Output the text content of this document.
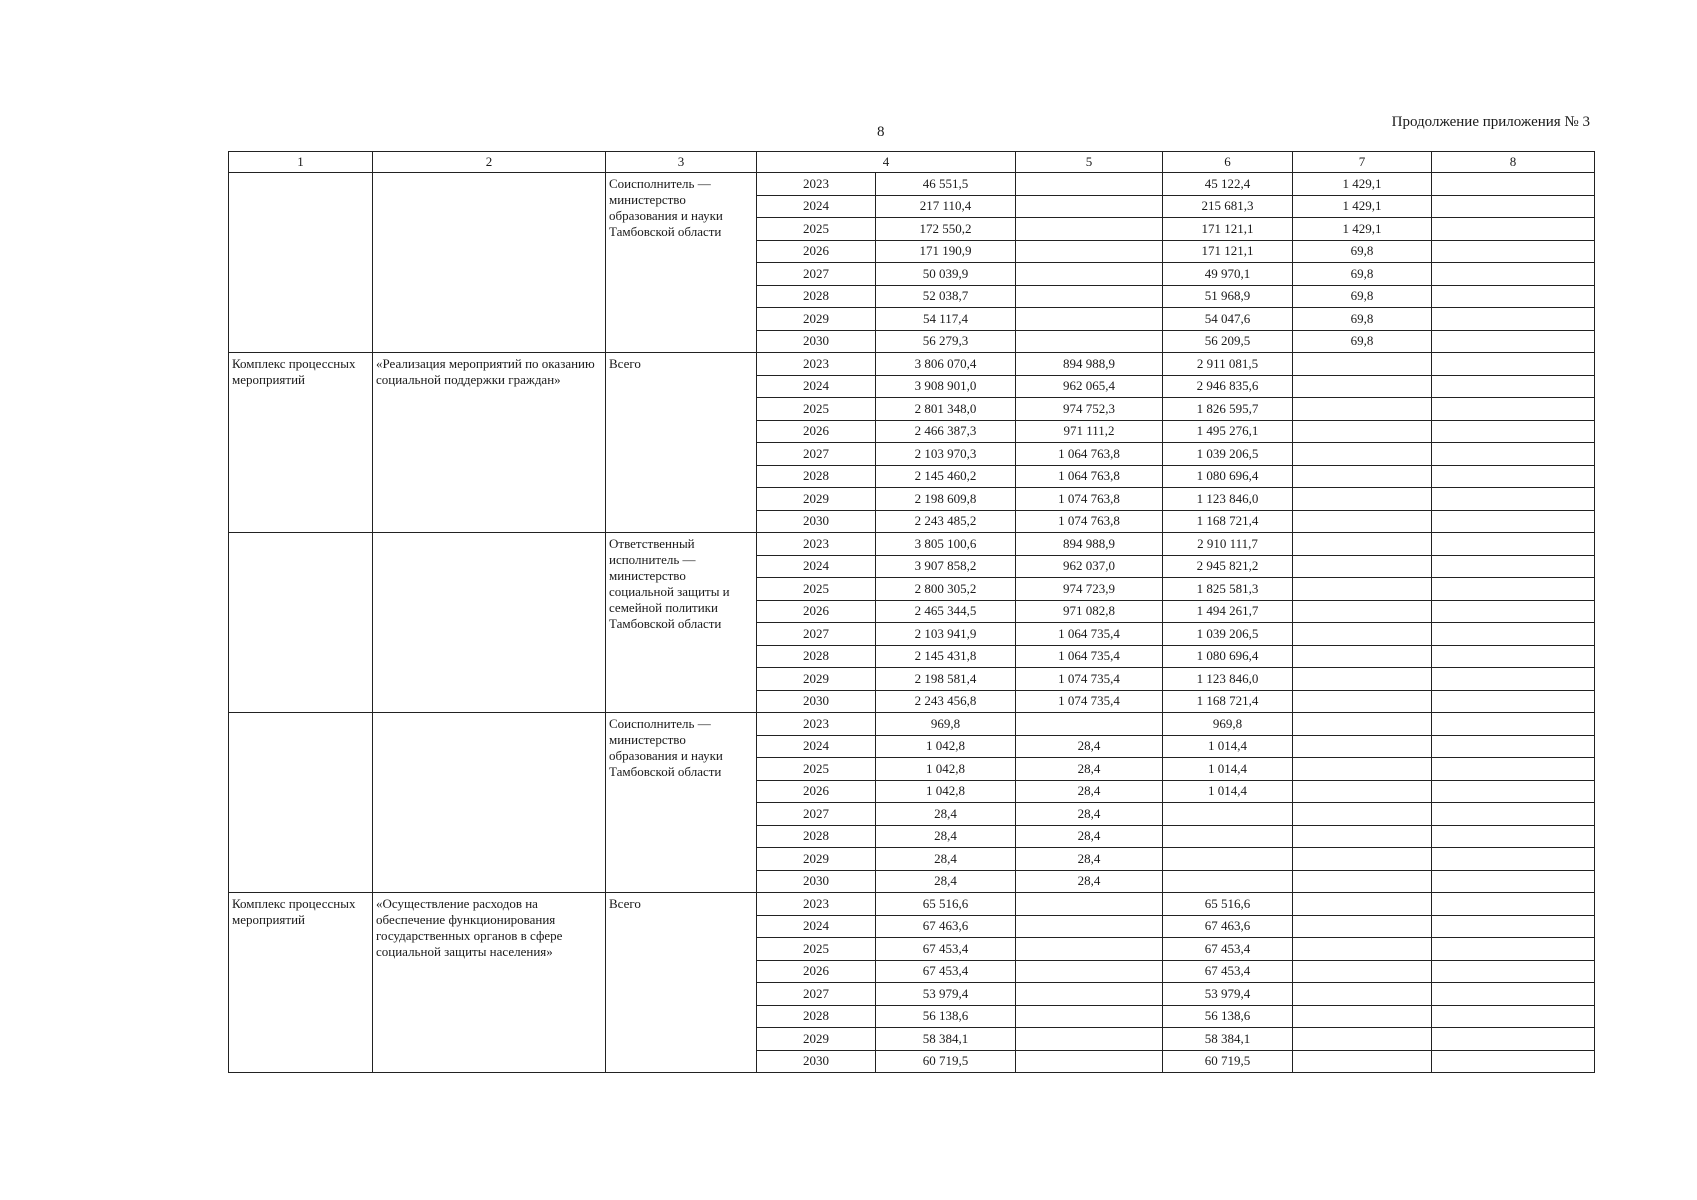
8
Продолжение приложения № 3
1	2	3	4		5	6	7	8
		Соисполнитель — министерство образования и науки Тамбовской области	2023	46 551,5		45 122,4	1 429,1	
			2024	217 110,4		215 681,3	1 429,1	
			2025	172 550,2		171 121,1	1 429,1	
			2026	171 190,9		171 121,1	69,8	
			2027	50 039,9		49 970,1	69,8	
			2028	52 038,7		51 968,9	69,8	
			2029	54 117,4		54 047,6	69,8	
			2030	56 279,3		56 209,5	69,8	
Комплекс процессных мероприятий	«Реализация мероприятий по оказанию социальной поддержки граждан»	Всего	2023	3 806 070,4	894 988,9	2 911 081,5		
			2024	3 908 901,0	962 065,4	2 946 835,6		
			2025	2 801 348,0	974 752,3	1 826 595,7		
			2026	2 466 387,3	971 111,2	1 495 276,1		
			2027	2 103 970,3	1 064 763,8	1 039 206,5		
			2028	2 145 460,2	1 064 763,8	1 080 696,4		
			2029	2 198 609,8	1 074 763,8	1 123 846,0		
			2030	2 243 485,2	1 074 763,8	1 168 721,4		
		Ответственный исполнитель — министерство социальной защиты и семейной политики Тамбовской области	2023	3 805 100,6	894 988,9	2 910 111,7		
			2024	3 907 858,2	962 037,0	2 945 821,2		
			2025	2 800 305,2	974 723,9	1 825 581,3		
			2026	2 465 344,5	971 082,8	1 494 261,7		
			2027	2 103 941,9	1 064 735,4	1 039 206,5		
			2028	2 145 431,8	1 064 735,4	1 080 696,4		
			2029	2 198 581,4	1 074 735,4	1 123 846,0		
			2030	2 243 456,8	1 074 735,4	1 168 721,4		
		Соисполнитель — министерство образования и науки Тамбовской области	2023	969,8		969,8		
			2024	1 042,8	28,4	1 014,4		
			2025	1 042,8	28,4	1 014,4		
			2026	1 042,8	28,4	1 014,4		
			2027	28,4	28,4			
			2028	28,4	28,4			
			2029	28,4	28,4			
			2030	28,4	28,4			
Комплекс процессных мероприятий	«Осуществление расходов на обеспечение функционирования государственных органов в сфере социальной защиты населения»	Всего	2023	65 516,6		65 516,6		
			2024	67 463,6		67 463,6		
			2025	67 453,4		67 453,4		
			2026	67 453,4		67 453,4		
			2027	53 979,4		53 979,4		
			2028	56 138,6		56 138,6		
			2029	58 384,1		58 384,1		
			2030	60 719,5		60 719,5		
